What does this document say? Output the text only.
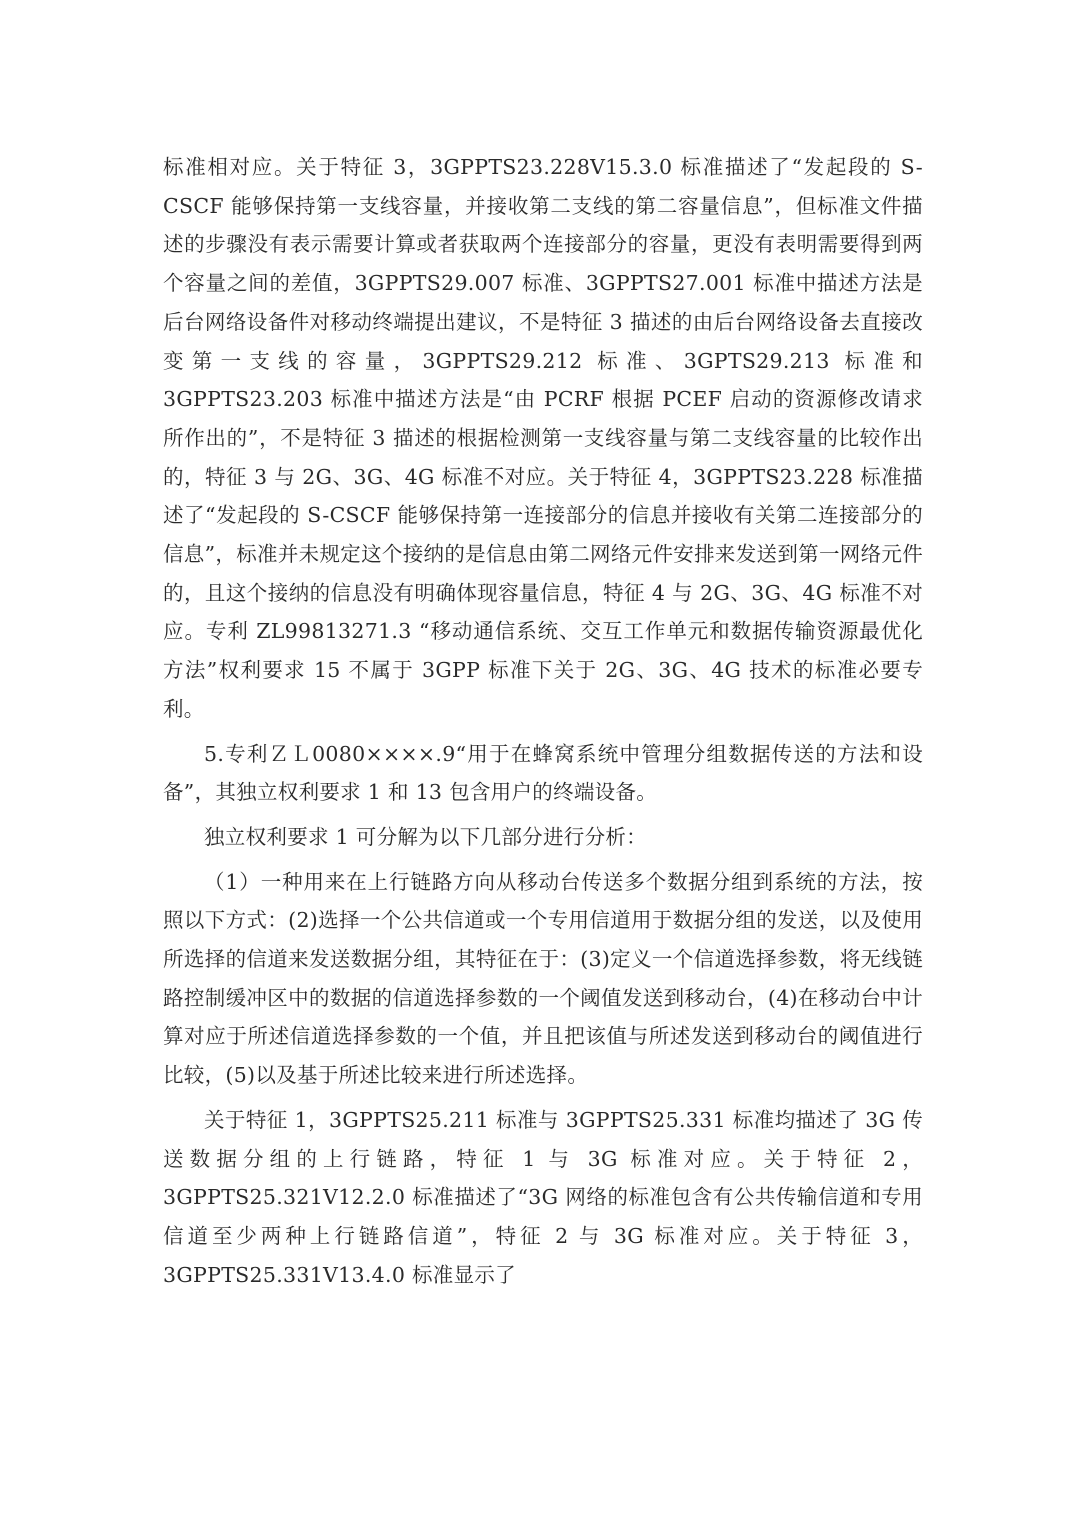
标准相对应。关于特征 3，3GPPTS23.228V15.3.0 标准描述了“发起段的 S-CSCF 能够保持第一支线容量，并接收第二支线的第二容量信息”，但标准文件描述的步骤没有表示需要计算或者获取两个连接部分的容量，更没有表明需要得到两个容量之间的差值，3GPPTS29.007 标准、3GPPTS27.001 标准中描述方法是后台网络设备件对移动终端提出建议，不是特征 3 描述的由后台网络设备去直接改变第一支线的容量，3GPPTS29.212 标准、3GPTS29.213 标准和 3GPPTS23.203 标准中描述方法是“由 PCRF 根据 PCEF 启动的资源修改请求所作出的”，不是特征 3 描述的根据检测第一支线容量与第二支线容量的比较作出的，特征 3 与 2G、3G、4G 标准不对应。关于特征 4，3GPPTS23.228 标准描述了“发起段的 S-CSCF 能够保持第一连接部分的信息并接收有关第二连接部分的信息”，标准并未规定这个接纳的是信息由第二网络元件安排来发送到第一网络元件的，且这个接纳的信息没有明确体现容量信息，特征 4 与 2G、3G、4G 标准不对应。专利 ZL99813271.3 “移动通信系统、交互工作单元和数据传输资源最优化方法”权利要求 15 不属于 3GPP 标准下关于 2G、3G、4G 技术的标准必要专利。

5.专利ＺＬ0080××××.9“用于在蜂窝系统中管理分组数据传送的方法和设备”，其独立权利要求 1 和 13 包含用户的终端设备。

独立权利要求 1 可分解为以下几部分进行分析：

（1）一种用来在上行链路方向从移动台传送多个数据分组到系统的方法，按照以下方式：(2)选择一个公共信道或一个专用信道用于数据分组的发送，以及使用所选择的信道来发送数据分组，其特征在于：(3)定义一个信道选择参数，将无线链路控制缓冲区中的数据的信道选择参数的一个阈值发送到移动台，(4)在移动台中计算对应于所述信道选择参数的一个值，并且把该值与所述发送到移动台的阈值进行比较，(5)以及基于所述比较来进行所述选择。

关于特征 1，3GPPTS25.211 标准与 3GPPTS25.331 标准均描述了 3G 传送数据分组的上行链路，特征 1 与 3G 标准对应。关于特征 2，3GPPTS25.321V12.2.0 标准描述了“3G 网络的标准包含有公共传输信道和专用信道至少两种上行链路信道”，特征 2 与 3G 标准对应。关于特征 3，3GPPTS25.331V13.4.0 标准显示了
